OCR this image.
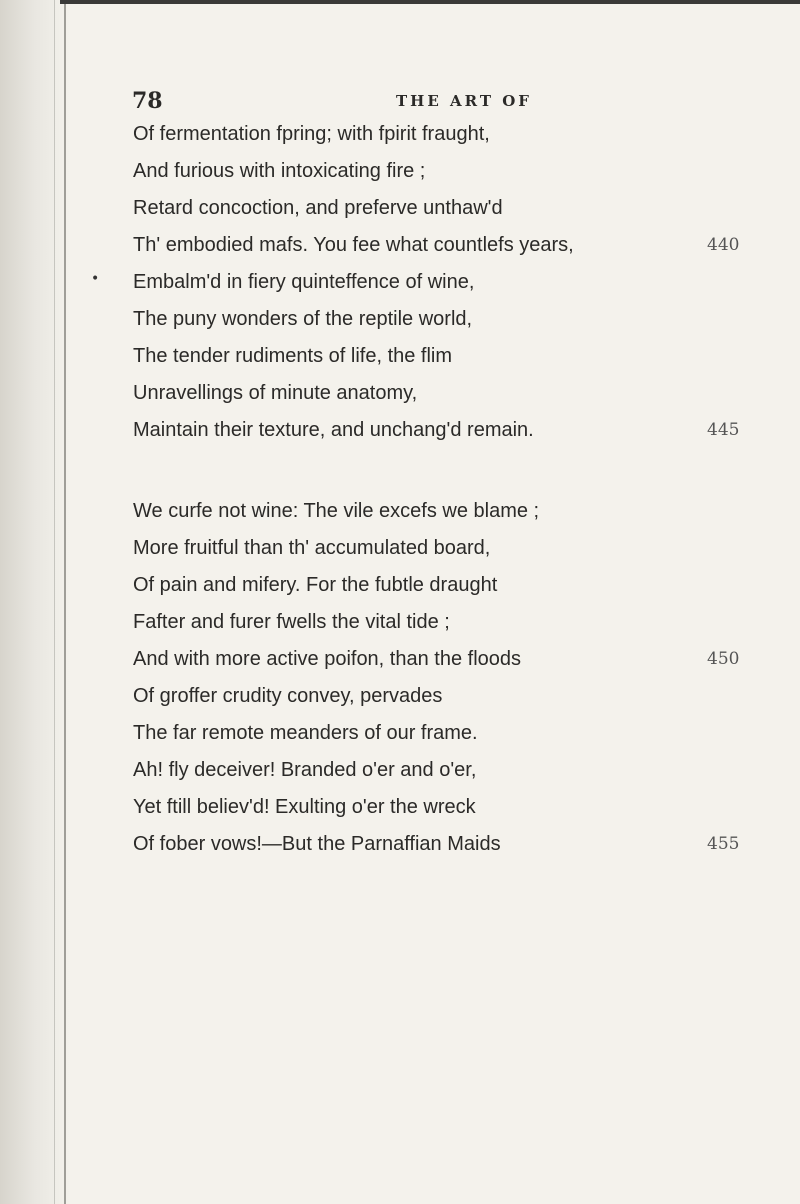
78	THE ART OF
•
Of fermentation fpring; with fpirit fraught,
And furious with intoxicating fire ;
Retard concoction, and preferve unthaw'd
Th' embodied mafs. You fee what countlefs years,	440
Embalm'd in fiery quinteffence of wine,
The puny wonders of the reptile world,
The tender rudiments of life, the flim
Unravellings of minute anatomy,
Maintain their texture, and unchang'd remain.	445
We curfe not wine: The vile excefs we blame ;
More fruitful than th' accumulated board,
Of pain and mifery. For the fubtle draught
Fafter and furer fwells the vital tide ;
And with more active poifon, than the floods	450
Of groffer crudity convey, pervades
The far remote meanders of our frame.
Ah! fly deceiver! Branded o'er and o'er,
Yet ftill believ'd! Exulting o'er the wreck
Of fober vows!—But the Parnaffian Maids	455
